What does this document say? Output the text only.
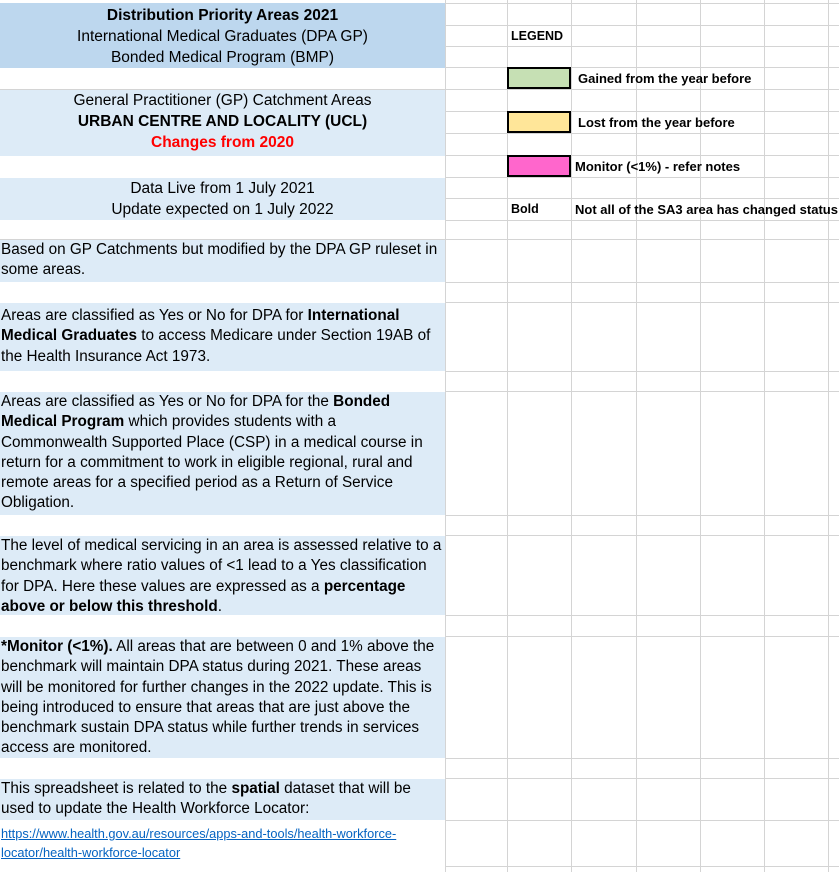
Distribution Priority Areas 2021
International Medical Graduates (DPA GP)
Bonded Medical Program (BMP)
General Practitioner (GP) Catchment Areas
URBAN CENTRE AND LOCALITY (UCL)
Changes from 2020
Data Live from 1 July 2021
Update expected on 1 July 2022
Based on GP Catchments but modified by the DPA GP ruleset in some areas.
Areas are classified as Yes or No for DPA for International Medical Graduates to access Medicare under Section 19AB of the Health Insurance Act 1973.
Areas are classified as Yes or No for DPA for the Bonded Medical Program which provides students with a Commonwealth Supported Place (CSP) in a medical course in return for a commitment to work in eligible regional, rural and remote areas for a specified period as a Return of Service Obligation.
The level of medical servicing in an area is assessed relative to a benchmark where ratio values of <1 lead to a Yes classification for DPA. Here these values are expressed as a percentage above or below this threshold.
*Monitor (<1%). All areas that are between 0 and 1% above the benchmark will maintain DPA status during 2021. These areas will be monitored for further changes in the 2022 update. This is being introduced to ensure that areas that are just above the benchmark sustain DPA status while further trends in services access are monitored.
This spreadsheet is related to the spatial dataset that will be used to update the Health Workforce Locator:
https://www.health.gov.au/resources/apps-and-tools/health-workforce-locator/health-workforce-locator
LEGEND
Gained from the year before
Lost from the year before
Monitor (<1%) - refer notes
Bold	Not all of the SA3 area has changed status
